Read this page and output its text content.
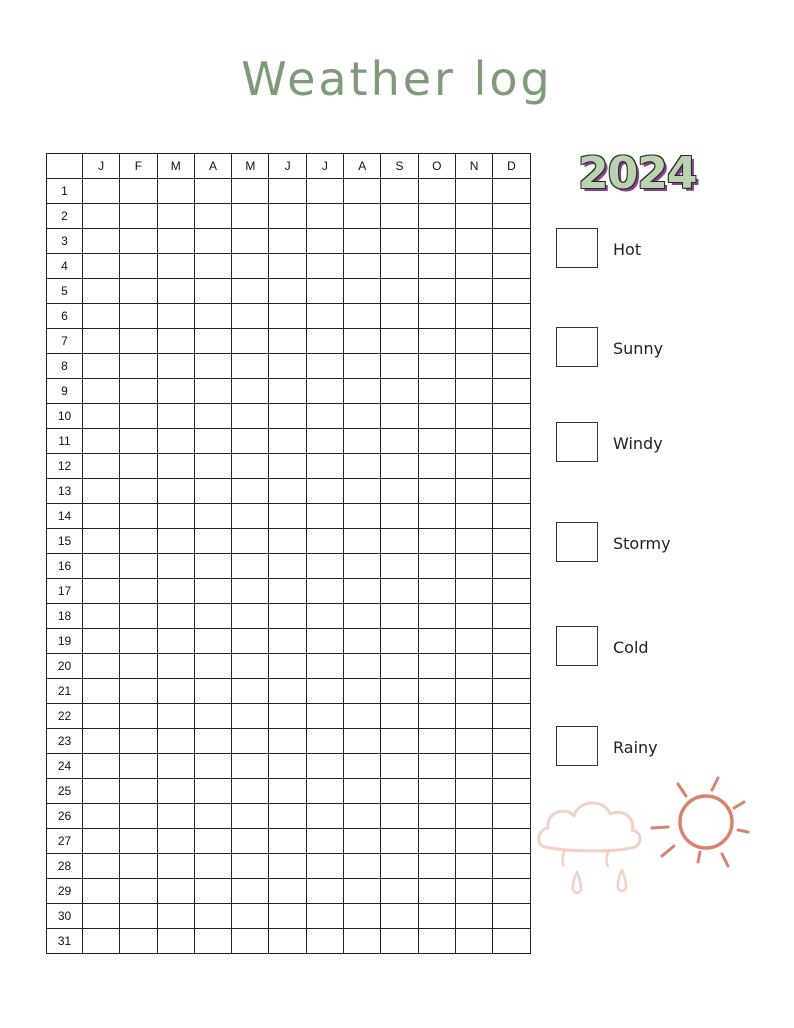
Weather log
	J	F	M	A	M	J	J	A	S	O	N	D
1												
2												
3												
4												
5												
6												
7												
8												
9												
10												
11												
12												
13												
14												
15												
16												
17												
18												
19												
20												
21												
22												
23												
24												
25												
26												
27												
28												
29												
30												
31												
2024
Hot
Sunny
Windy
Stormy
Cold
Rainy
